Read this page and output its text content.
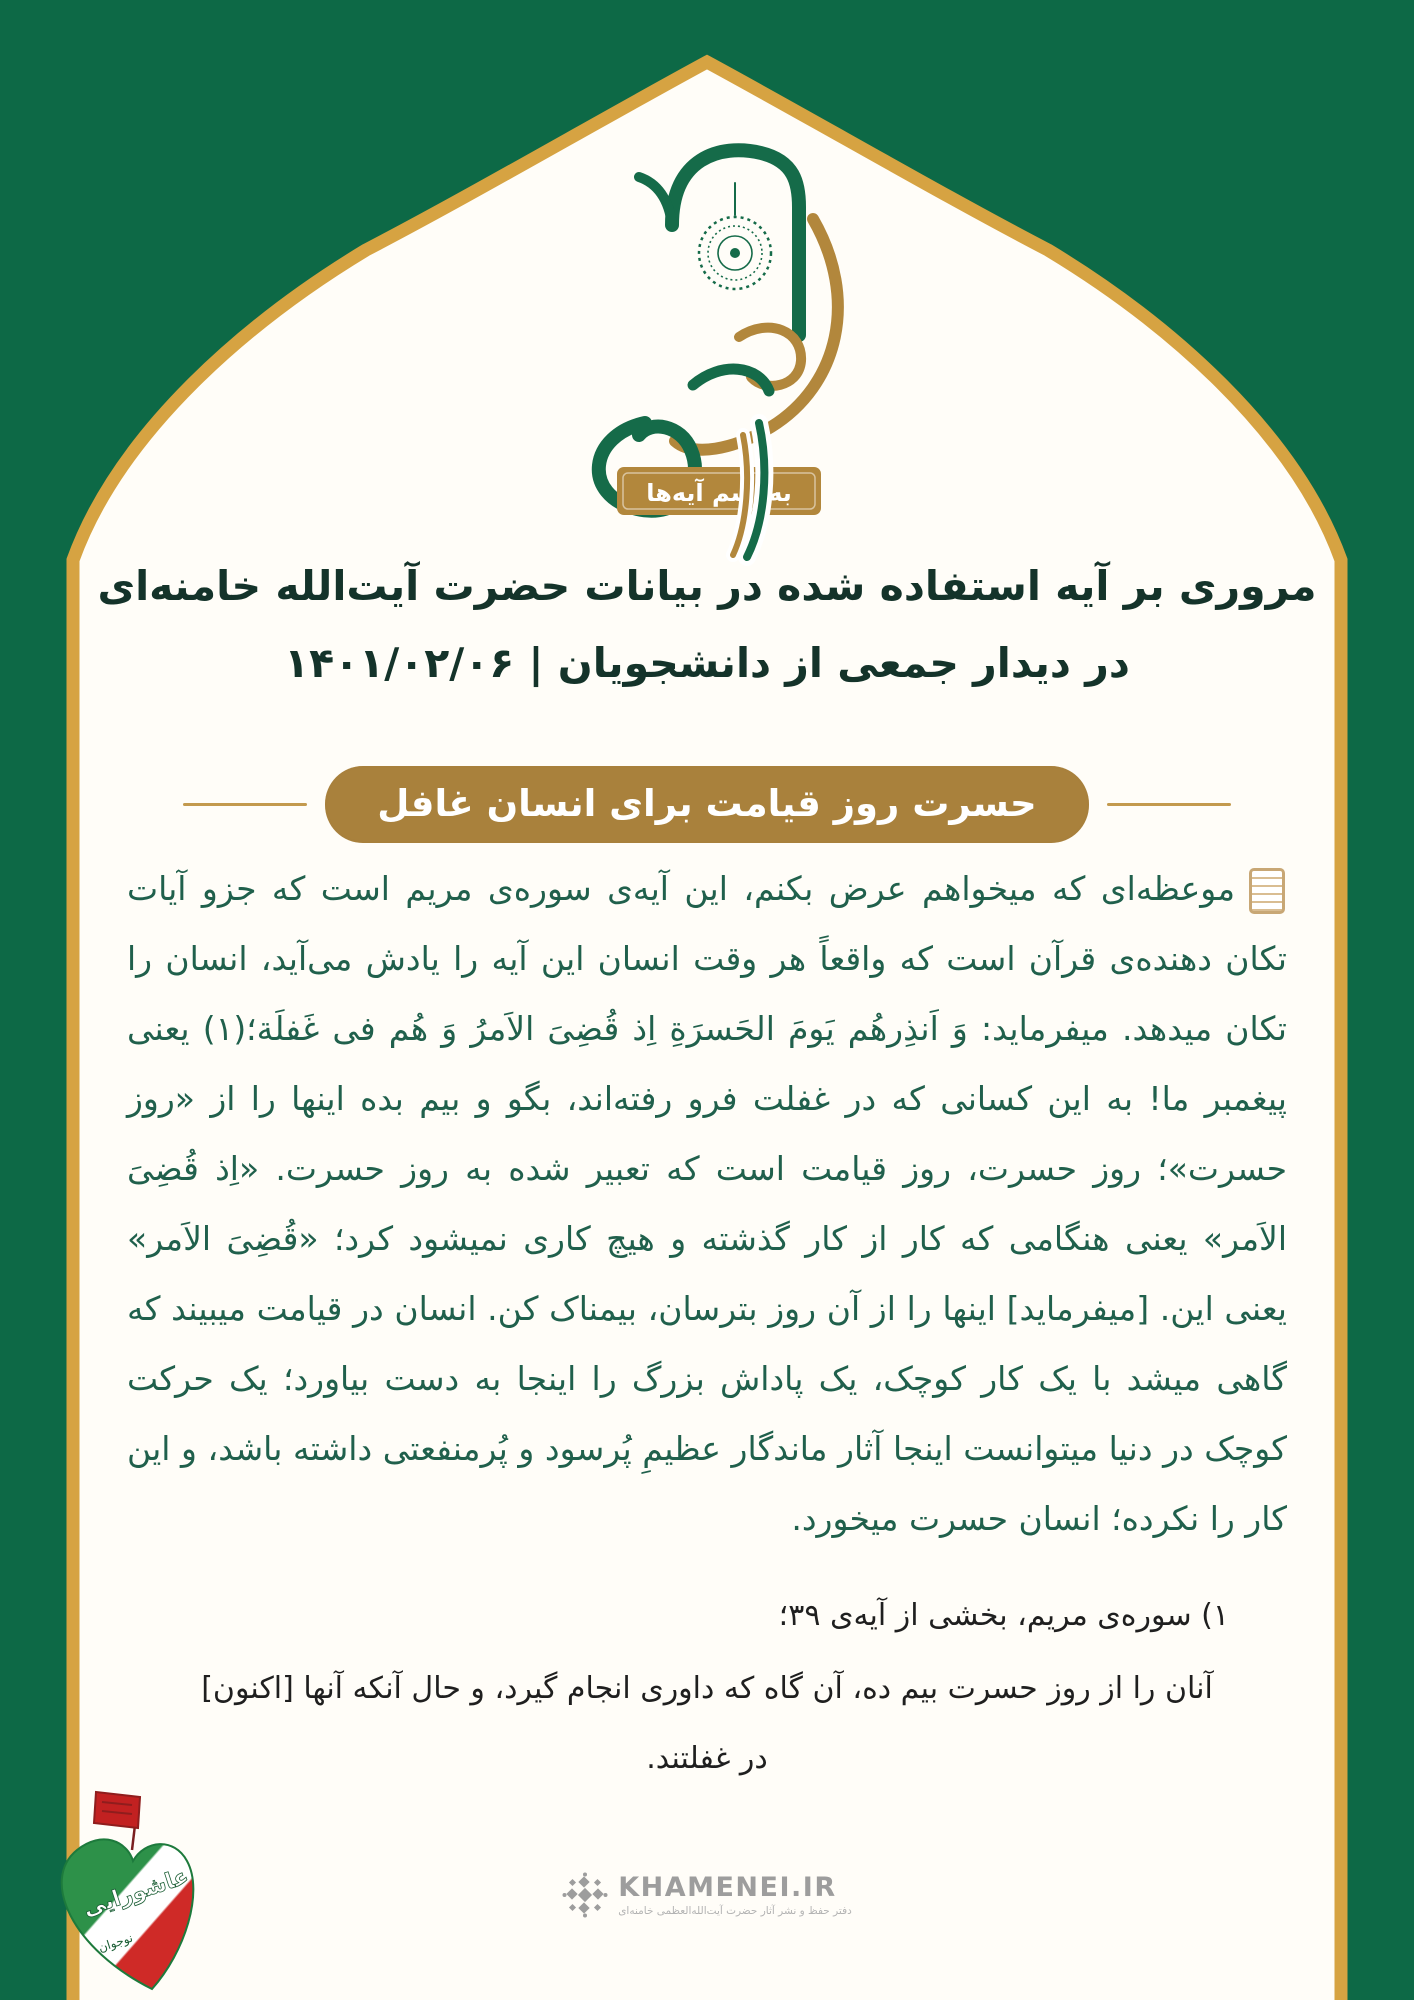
به‌رسم آیه‌ها
مروری بر آیه استفاده شده در بیانات حضرت آیت‌الله خامنه‌ای
در دیدار جمعی از دانشجویان | ۱۴۰۱/۰۲/۰۶
حسرت روز قیامت برای انسان غافل

موعظه‌ای که میخواهم عرض بکنم، این آیه‌ی سوره‌ی مریم است که جزو آیات تکان دهنده‌ی قرآن است که واقعاً هر وقت انسان این آیه را یادش می‌آید، انسان را تکان میدهد. میفرماید: وَ اَنذِرهُم یَومَ الحَسرَةِ اِذ قُضِیَ الاَمرُ وَ هُم فی غَفلَة؛(۱) یعنی پیغمبر ما! به این کسانی که در غفلت فرو رفته‌اند، بگو و بیم بده اینها را از «روز حسرت»؛ روز حسرت، روز قیامت است که تعبیر شده به روز حسرت. «اِذ قُضِیَ الاَمر» یعنی هنگامی که کار از کار گذشته و هیچ کاری نمیشود کرد؛ «قُضِیَ الاَمر» یعنی این. [میفرماید] اینها را از آن روز بترسان، بیمناک کن. انسان در قیامت میبیند که گاهی میشد با یک کار کوچک، یک پاداش بزرگ را اینجا به دست بیاورد؛ یک حرکت کوچک در دنیا میتوانست اینجا آثار ماندگار عظیمِ پُرسود و پُرمنفعتی داشته باشد، و این کار را نکرده؛ انسان حسرت میخورد.

۱) سوره‌ی مریم، بخشی از آیه‌ی ۳۹؛
آنان را از روز حسرت بیم ده، آن گاه که داوری انجام گیرد، و حال آنکه آنها [اکنون]
در غفلتند.
KHAMENEI.IR
دفتر حفظ و نشر آثار حضرت آیت‌الله‌العظمی خامنه‌ای
عاشورایی
نوجوان
